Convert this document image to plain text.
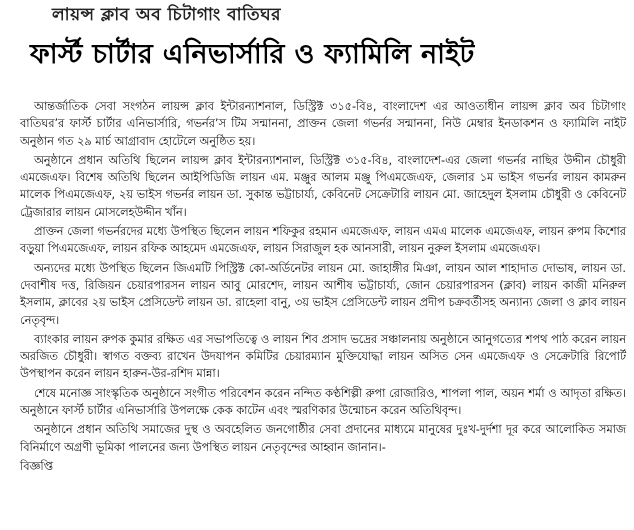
লায়ন্স ক্লাব অব চিটাগাং বাতিঘর
ফার্স্ট চার্টার এনিভার্সারি ও ফ্যামিলি নাইট

আন্তর্জাতিক সেবা সংগঠন লায়ন্স ক্লাব ইন্টারন্যাশনাল, ডিস্ট্রিক্ট ৩১৫-বি৪, বাংলাদেশ এর আওতাধীন লায়ন্স ক্লাব অব চিটাগাং বাতিঘর’র ফার্স্ট চার্টার এনিভার্সারি, গভর্নর’স টিম সন্মাননা, প্রাক্তন জেলা গভর্নর সন্মাননা, নিউ মেম্বার ইনডাকশন ও ফ্যামিলি নাইট অনুষ্ঠান গত ২৯ মার্চ আগ্রাবাদ হোটেলে অনুষ্ঠিত হয়।

অনুষ্ঠানে প্রধান অতিথি ছিলেন লায়ন্স ক্লাব ইন্টারন্যাশনাল, ডিস্ট্রিক্ট ৩১৫-বি৪, বাংলাদেশ-এর জেলা গভর্নর নাছির উদ্দীন চৌধুরী এমজেএফ। বিশেষ অতিথি ছিলেন আইপিডিজি লায়ন এম. মঞ্জুর আলম মঞ্জু পিএমজেএফ, জেলার ১ম ভাইস গভর্নর লায়ন কামরুন মালেক পিএমজেএফ, ২য় ভাইস গভর্নর লায়ন ডা. সুকান্ত ভট্টাচার্য্য, কেবিনেট সেক্রেটারি লায়ন মো. জাহেদুল ইসলাম চৌধুরী ও কেবিনেট ট্রেজারার লায়ন মোসলেহউদ্দীন খাঁন।

প্রাক্তন জেলা গভর্নরদের মধ্যে উপস্থিত ছিলেন লায়ন শফিকুর রহমান এমজেএফ, লায়ন এমএ মালেক এমজেএফ, লায়ন রুপম কিশোর বড়ুয়া পিএমজেএফ, লায়ন রফিক আহমেদ এমজেএফ, লায়ন সিরাজুল হক আনসারী, লায়ন নুরুল ইসলাম এমজেএফ।

অন্যদের মধ্যে উপস্থিত ছিলেন জিএমটি পিস্ট্রিক্ট কো-অর্ডিনেটর লায়ন মো. জাহাঙ্গীর মিঞা, লায়ন আল শাহাদাত দোভাষ, লায়ন ডা. দেবাশীষ দত্ত, রিজিয়ন চেয়ারপারসন লায়ন আবু মোরশেদ, লায়ন আশীষ ভট্টাচার্য্য, জোন চেয়ারপারসন (ক্লাব) লায়ন কাজী মনিরুল ইসলাম, ক্লাবের ২য় ভাইস প্রেসিডেন্ট লায়ন ডা. রাহেলা বানু, ৩য় ভাইস প্রেসিডেন্ট লায়ন প্রদীপ চক্রবর্তীসহ অন্যান্য জেলা ও ক্লাব লায়ন নেতৃবৃন্দ।

ব্যাংকার লায়ন রুপক কুমার রক্ষিত এর সভাপতিত্বে ও লায়ন শিব প্রসাদ ভদ্রের সঞ্চালনায় অনুষ্ঠানে আনুগত্যের শপথ পাঠ করেন লায়ন অরজিত চৌধুরী। স্বাগত বক্তব্য রাখেন উদযাপন কমিটির চেয়ারম্যান মুক্তিযোদ্ধা লায়ন অসিত সেন এমজেএফ ও সেক্রেটারি রিপোর্ট উপস্থাপন করেন লায়ন হারুন-উর-রশিদ মান্না।

শেষে মনোজ্ঞ সাংস্কৃতিক অনুষ্ঠানে সংগীত পরিবেশন করেন নন্দিত কণ্ঠশিল্পী রুপা রোজারিও, শাপলা পাল, অয়ন শর্মা ও আদৃতা রক্ষিত। অনুষ্ঠানে ফার্স্ট চার্টার এনিভার্সারি উপলক্ষে কেক কাটেন এবং স্মরণিকার উন্মোচন করেন অতিথিবৃন্দ।

অনুষ্ঠানে প্রধান অতিথি সমাজের দুস্থ ও অবহেলিত জনগোষ্ঠীর সেবা প্রদানের মাধ্যমে মানুষের দুঃখ-দুর্দশা দূর করে আলোকিত সমাজ বিনির্মাণে অগ্রণী ভূমিকা পালনের জন্য উপস্থিত লায়ন নেতৃবৃন্দের আহ্বান জানান।-

বিজ্ঞপ্তি
